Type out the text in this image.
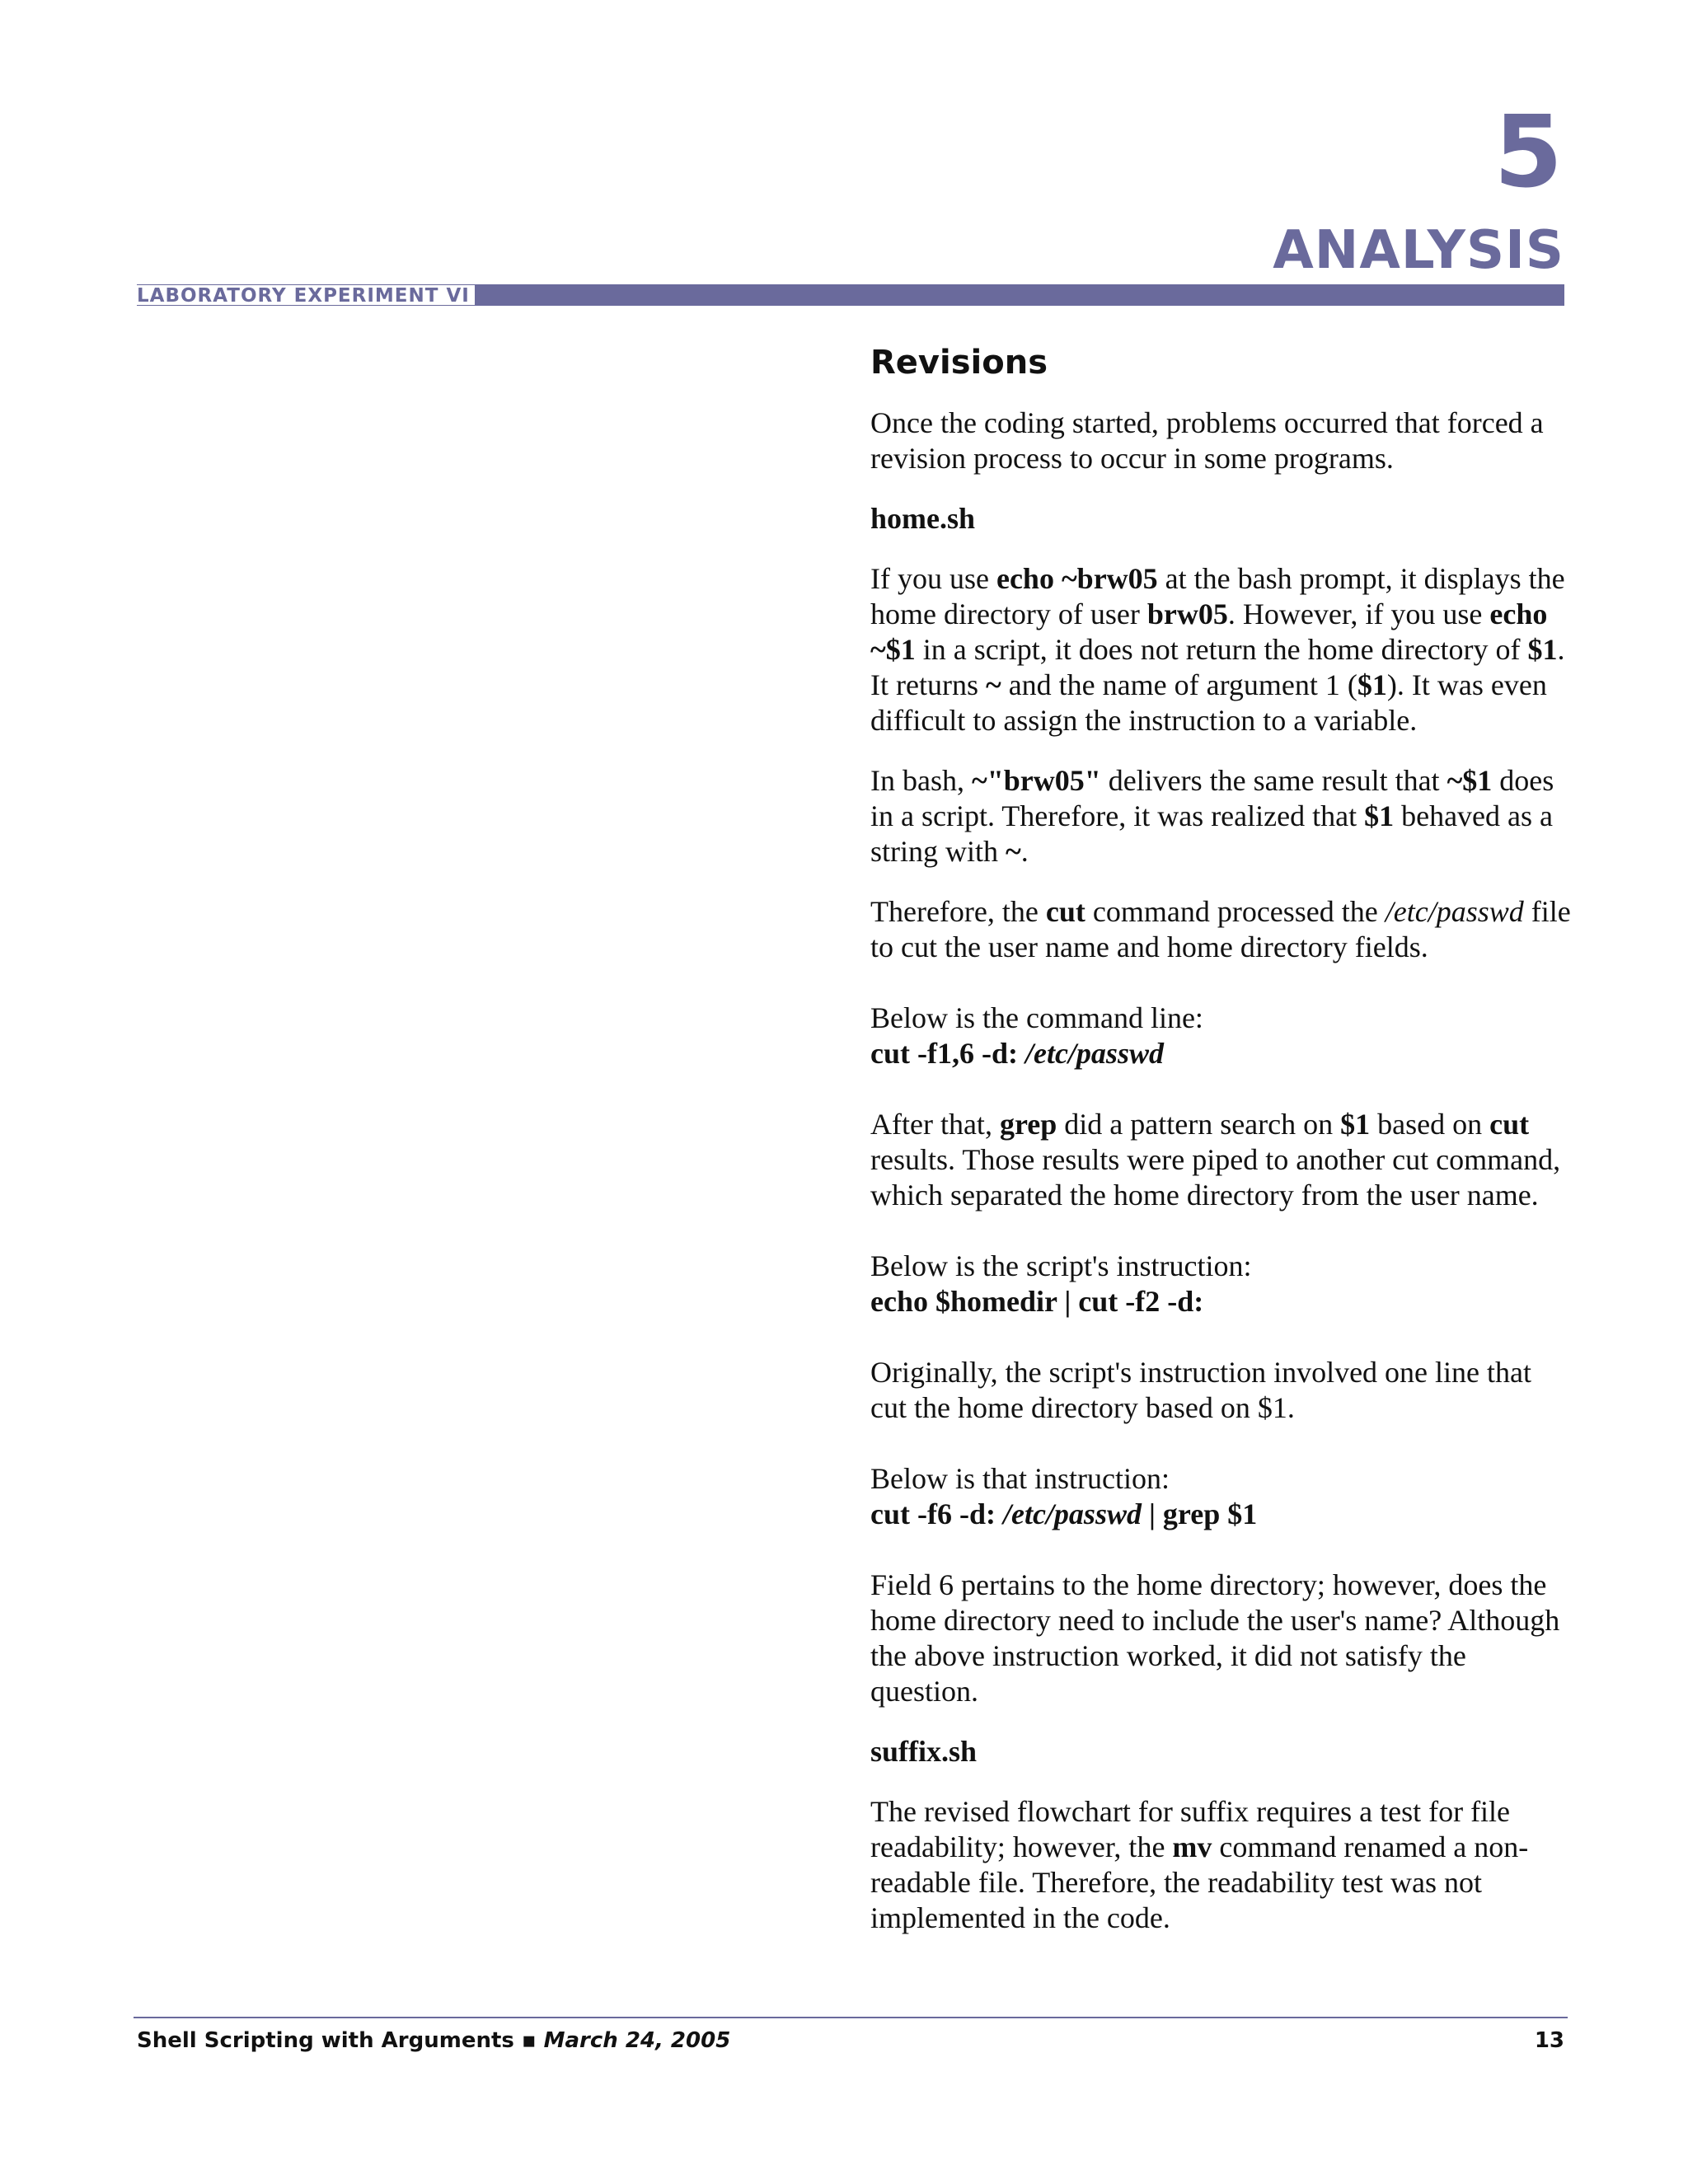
5
ANALYSIS
LABORATORY EXPERIMENT VI
Revisions

Once the coding started, problems occurred that forced a revision process to occur in some programs.

home.sh

If you use echo ~brw05 at the bash prompt, it displays the home directory of user brw05. However, if you use echo ~$1 in a script, it does not return the home directory of $1. It returns ~ and the name of argument 1 ($1). It was even difficult to assign the instruction to a variable.

In bash, ~"brw05" delivers the same result that ~$1 does in a script. Therefore, it was realized that $1 behaved as a string with ~.

Therefore, the cut command processed the /etc/passwd file to cut the user name and home directory fields.

Below is the command line:
cut -f1,6 -d: /etc/passwd

After that, grep did a pattern search on $1 based on cut results. Those results were piped to another cut command, which separated the home directory from the user name.

Below is the script's instruction:
echo $homedir | cut -f2 -d:

Originally, the script's instruction involved one line that cut the home directory based on $1.

Below is that instruction:
cut -f6 -d: /etc/passwd | grep $1

Field 6 pertains to the home directory; however, does the home directory need to include the user's name? Although the above instruction worked, it did not satisfy the question.

suffix.sh

The revised flowchart for suffix requires a test for file readability; however, the mv command renamed a non-readable file. Therefore, the readability test was not implemented in the code.

Shell Scripting with Arguments ▪ March 24, 2005	13
